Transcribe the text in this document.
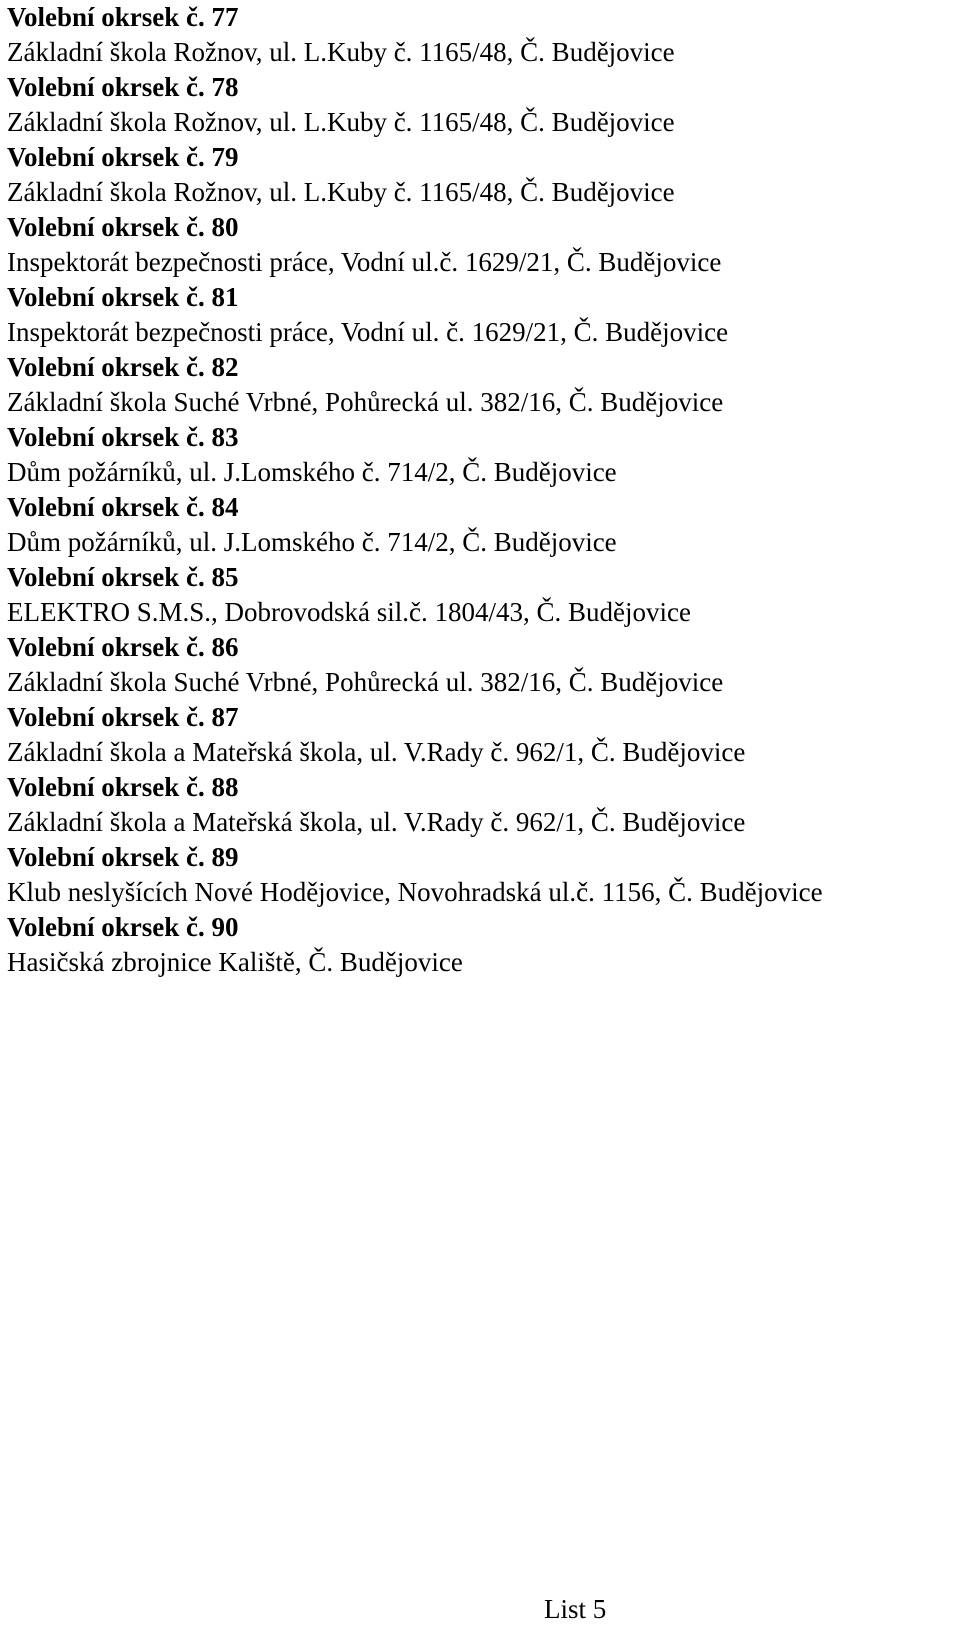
Volební okrsek č. 77
Základní škola Rožnov, ul. L.Kuby č. 1165/48, Č. Budějovice
Volební okrsek č. 78
Základní škola Rožnov, ul. L.Kuby č. 1165/48, Č. Budějovice
Volební okrsek č. 79
Základní škola Rožnov, ul. L.Kuby č. 1165/48, Č. Budějovice
Volební okrsek č. 80
Inspektorát bezpečnosti práce, Vodní ul.č. 1629/21, Č. Budějovice
Volební okrsek č. 81
Inspektorát bezpečnosti práce, Vodní ul. č. 1629/21, Č. Budějovice
Volební okrsek č. 82
Základní škola Suché Vrbné, Pohůrecká ul. 382/16, Č. Budějovice
Volební okrsek č. 83
Dům požárníků, ul. J.Lomského č. 714/2, Č. Budějovice
Volební okrsek č. 84
Dům požárníků, ul. J.Lomského č. 714/2, Č. Budějovice
Volební okrsek č. 85
ELEKTRO S.M.S., Dobrovodská sil.č. 1804/43, Č. Budějovice
Volební okrsek č. 86
Základní škola Suché Vrbné, Pohůrecká ul. 382/16, Č. Budějovice
Volební okrsek č. 87
Základní škola a Mateřská škola, ul. V.Rady č. 962/1, Č. Budějovice
Volební okrsek č. 88
Základní škola a Mateřská škola, ul. V.Rady č. 962/1, Č. Budějovice
Volební okrsek č. 89
Klub neslyšících Nové Hodějovice, Novohradská ul.č. 1156, Č. Budějovice
Volební okrsek č. 90
Hasičská zbrojnice Kaliště, Č. Budějovice
List 5
